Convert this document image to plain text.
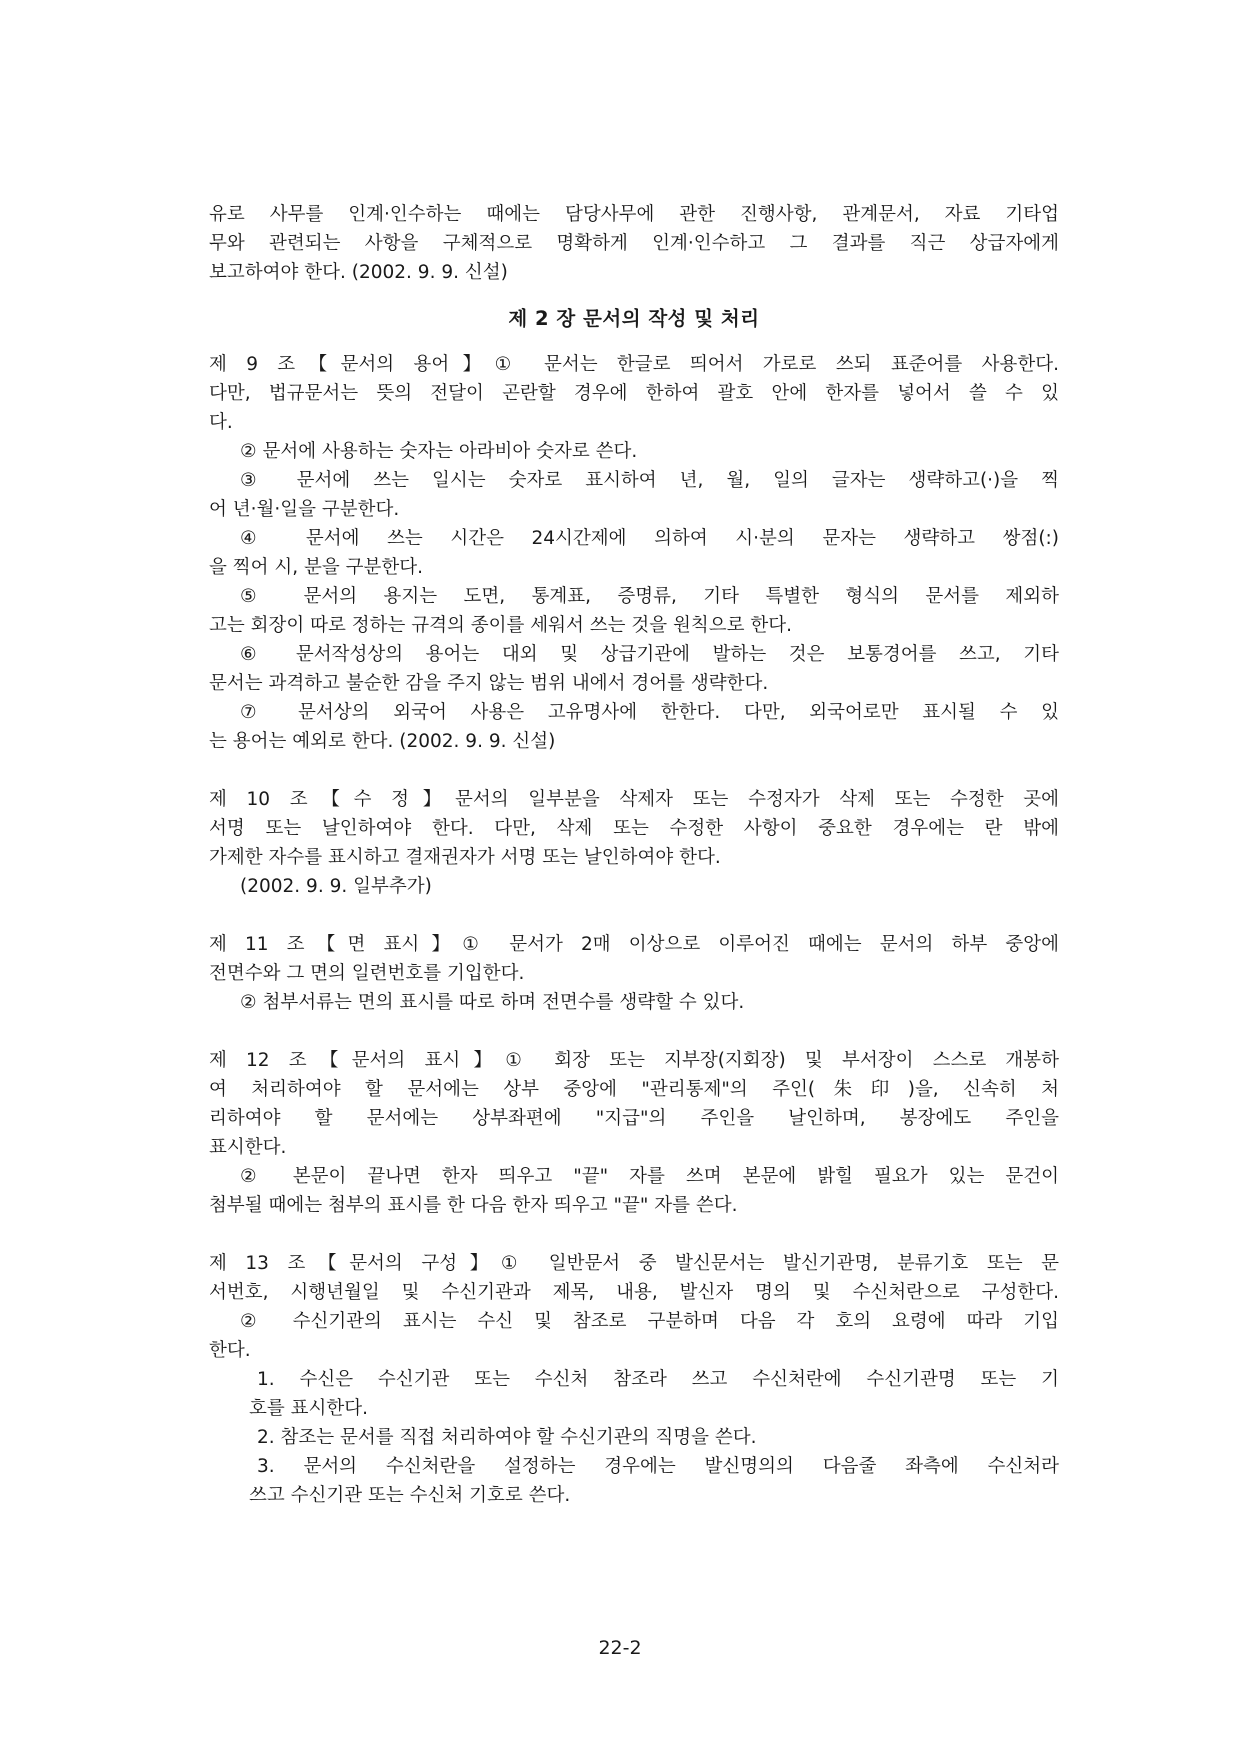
유로 사무를 인계·인수하는 때에는 담당사무에 관한 진행사항, 관계문서, 자료 기타업
무와 관련되는 사항을 구체적으로 명확하게 인계·인수하고 그 결과를 직근 상급자에게
보고하여야 한다. (2002. 9. 9. 신설)
제 2 장 문서의 작성 및 처리
제 9 조【문서의 용어】① 문서는 한글로 띄어서 가로로 쓰되 표준어를 사용한다.
다만, 법규문서는 뜻의 전달이 곤란할 경우에 한하여 괄호 안에 한자를 넣어서 쓸 수 있
다.
② 문서에 사용하는 숫자는 아라비아 숫자로 쓴다.
③ 문서에 쓰는 일시는 숫자로 표시하여 년, 월, 일의 글자는 생략하고(·)을 찍
어 년·월·일을 구분한다.
④ 문서에 쓰는 시간은 24시간제에 의하여 시·분의 문자는 생략하고 쌍점(:)
을 찍어 시, 분을 구분한다.
⑤ 문서의 용지는 도면, 통계표, 증명류, 기타 특별한 형식의 문서를 제외하
고는 회장이 따로 정하는 규격의 종이를 세워서 쓰는 것을 원칙으로 한다.
⑥ 문서작성상의 용어는 대외 및 상급기관에 발하는 것은 보통경어를 쓰고, 기타
문서는 과격하고 불순한 감을 주지 않는 범위 내에서 경어를 생략한다.
⑦ 문서상의 외국어 사용은 고유명사에 한한다. 다만, 외국어로만 표시될 수 있
는 용어는 예외로 한다. (2002. 9. 9. 신설)
제 10 조【수 정】문서의 일부분을 삭제자 또는 수정자가 삭제 또는 수정한 곳에
서명 또는 날인하여야 한다. 다만, 삭제 또는 수정한 사항이 중요한 경우에는 란 밖에
가제한 자수를 표시하고 결재권자가 서명 또는 날인하여야 한다.
(2002. 9. 9. 일부추가)
제 11 조【면 표시】① 문서가 2매 이상으로 이루어진 때에는 문서의 하부 중앙에
전면수와 그 면의 일련번호를 기입한다.
② 첨부서류는 면의 표시를 따로 하며 전면수를 생략할 수 있다.
제 12 조【문서의 표시】① 회장 또는 지부장(지회장) 및 부서장이 스스로 개봉하
여 처리하여야 할 문서에는 상부 중앙에 "관리통제"의 주인(朱印)을, 신속히 처
리하여야 할 문서에는 상부좌편에 "지급"의 주인을 날인하며, 봉장에도 주인을
표시한다.
② 본문이 끝나면 한자 띄우고 "끝" 자를 쓰며 본문에 밝힐 필요가 있는 문건이
첨부될 때에는 첨부의 표시를 한 다음 한자 띄우고 "끝" 자를 쓴다.
제 13 조【문서의 구성】① 일반문서 중 발신문서는 발신기관명, 분류기호 또는 문
서번호, 시행년월일 및 수신기관과 제목, 내용, 발신자 명의 및 수신처란으로 구성한다.
② 수신기관의 표시는 수신 및 참조로 구분하며 다음 각 호의 요령에 따라 기입
한다.
1. 수신은 수신기관 또는 수신처 참조라 쓰고 수신처란에 수신기관명 또는 기
호를 표시한다.
2. 참조는 문서를 직접 처리하여야 할 수신기관의 직명을 쓴다.
3. 문서의 수신처란을 설정하는 경우에는 발신명의의 다음줄 좌측에 수신처라
쓰고 수신기관 또는 수신처 기호로 쓴다.
22-2
